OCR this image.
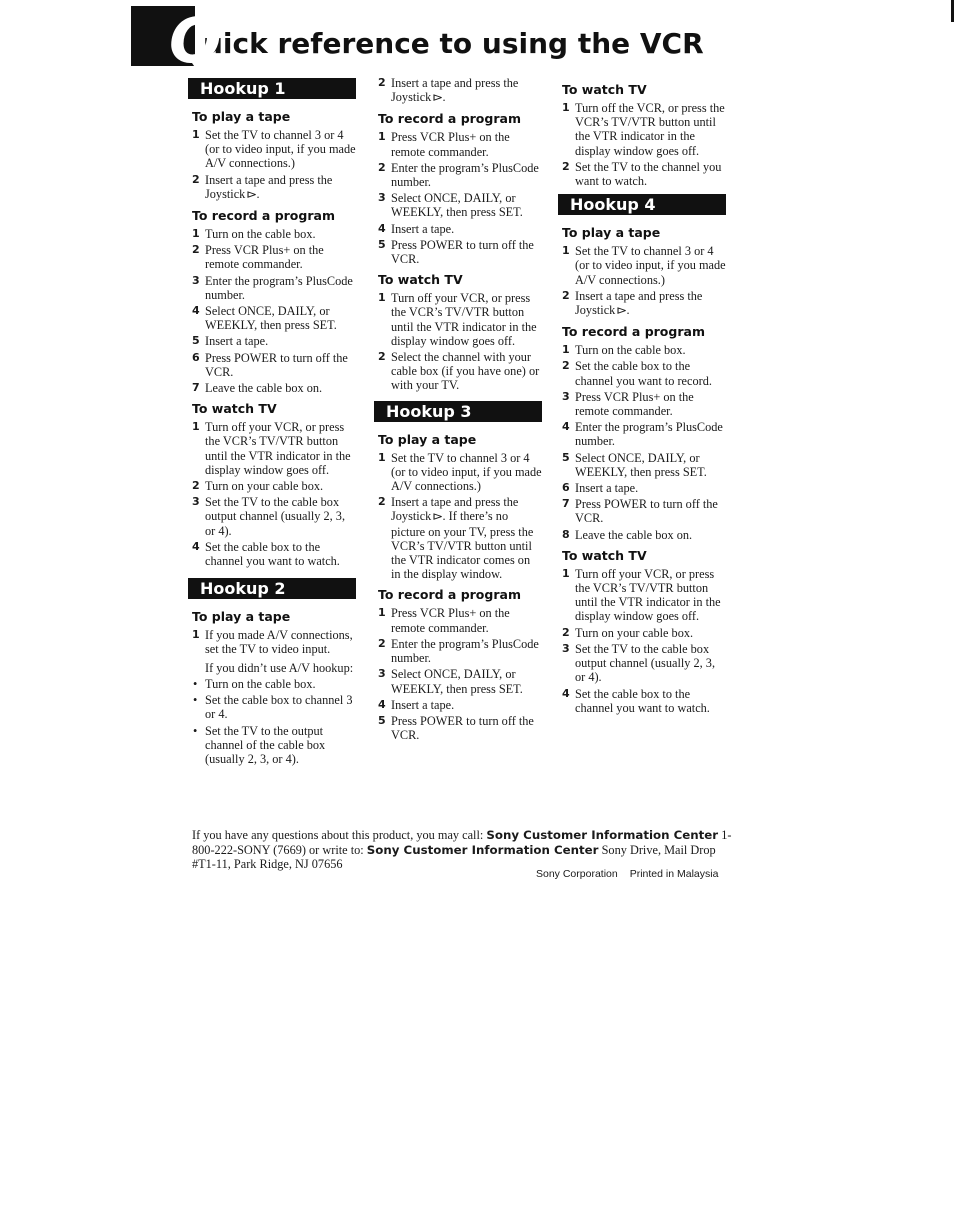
Q
uick reference to using the VCR
Hookup 1
To play a tape
1 Set the TV to channel 3 or 4 (or to video input, if you made A/V connections.)
2 Insert a tape and press the Joystick⊳.
To record a program
1 Turn on the cable box.
2 Press VCR Plus+ on the remote commander.
3 Enter the program’s PlusCode number.
4 Select ONCE, DAILY, or WEEKLY, then press SET.
5 Insert a tape.
6 Press POWER to turn off the VCR.
7 Leave the cable box on.
To watch TV
1 Turn off your VCR, or press the VCR’s TV/VTR button until the VTR indicator in the display window goes off.
2 Turn on your cable box.
3 Set the TV to the cable box output channel (usually 2, 3, or 4).
4 Set the cable box to the channel you want to watch.
Hookup 2
To play a tape
1 If you made A/V connections, set the TV to video input.
If you didn’t use A/V hookup:
• Turn on the cable box.
• Set the cable box to channel 3 or 4.
• Set the TV to the output channel of the cable box (usually 2, 3, or 4).
2 Insert a tape and press the Joystick⊳.
To record a program
1 Press VCR Plus+ on the remote commander.
2 Enter the program’s PlusCode number.
3 Select ONCE, DAILY, or WEEKLY, then press SET.
4 Insert a tape.
5 Press POWER to turn off the VCR.
To watch TV
1 Turn off your VCR, or press the VCR’s TV/VTR button until the VTR indicator in the display window goes off.
2 Select the channel with your cable box (if you have one) or with your TV.
Hookup 3
To play a tape
1 Set the TV to channel 3 or 4 (or to video input, if you made A/V connections.)
2 Insert a tape and press the Joystick⊳. If there’s no picture on your TV, press the VCR’s TV/VTR button until the VTR indicator comes on in the display window.
To record a program
1 Press VCR Plus+ on the remote commander.
2 Enter the program’s PlusCode number.
3 Select ONCE, DAILY, or WEEKLY, then press SET.
4 Insert a tape.
5 Press POWER to turn off the VCR.
To watch TV
1 Turn off the VCR, or press the VCR’s TV/VTR button until the VTR indicator in the display window goes off.
2 Set the TV to the channel you want to watch.
Hookup 4
To play a tape
1 Set the TV to channel 3 or 4 (or to video input, if you made A/V connections.)
2 Insert a tape and press the Joystick⊳.
To record a program
1 Turn on the cable box.
2 Set the cable box to the channel you want to record.
3 Press VCR Plus+ on the remote commander.
4 Enter the program’s PlusCode number.
5 Select ONCE, DAILY, or WEEKLY, then press SET.
6 Insert a tape.
7 Press POWER to turn off the VCR.
8 Leave the cable box on.
To watch TV
1 Turn off your VCR, or press the VCR’s TV/VTR button until the VTR indicator in the display window goes off.
2 Turn on your cable box.
3 Set the TV to the cable box output channel (usually 2, 3, or 4).
4 Set the cable box to the channel you want to watch.
If you have any questions about this product, you may call: Sony Customer Information Center 1-800-222-SONY (7669) or write to: Sony Customer Information Center Sony Drive, Mail Drop #T1-11, Park Ridge, NJ 07656
Sony Corporation Printed in Malaysia
